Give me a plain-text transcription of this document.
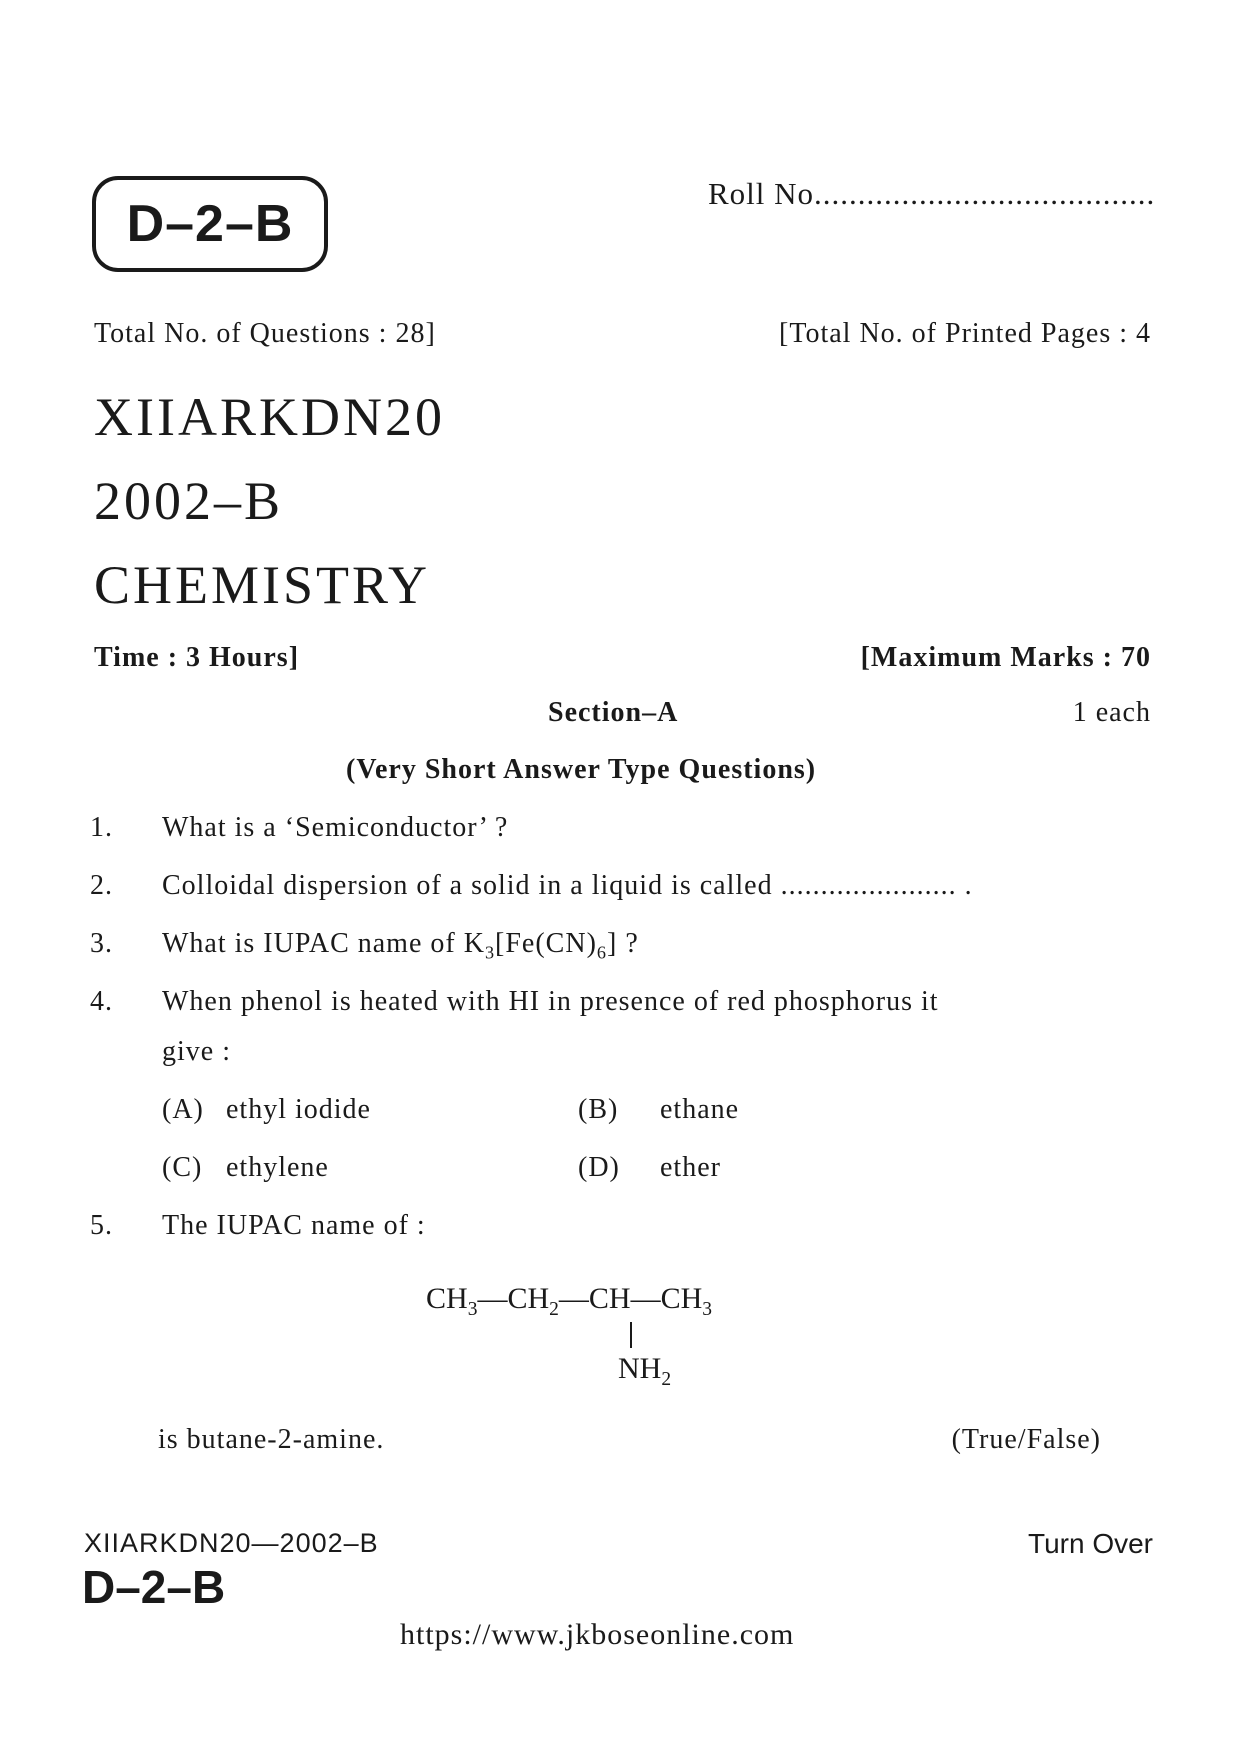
D–2–B
Roll No.......................................
Total No. of Questions : 28]	[Total No. of Printed Pages : 4
XIIARKDN20
2002–B
CHEMISTRY
Time : 3 Hours]	[Maximum Marks : 70
Section–A	1 each
(Very Short Answer Type Questions)
1. What is a ‘Semiconductor’ ?
2. Colloidal dispersion of a solid in a liquid is called ...................... .
3. What is IUPAC name of $K_3[Fe(CN)_6]$ ?
4. When phenol is heated with HI in presence of red phosphorus it
give :
(A) ethyl iodide	(B) ethane
(C) ethylene	(D) ether
5. The IUPAC name of :
$CH_3—CH_2—CH—CH_3$
$NH_2$
is butane-2-amine.	(True/False)
XIIARKDN20—2002–B
D–2–B
Turn Over
https://www.jkboseonline.com
